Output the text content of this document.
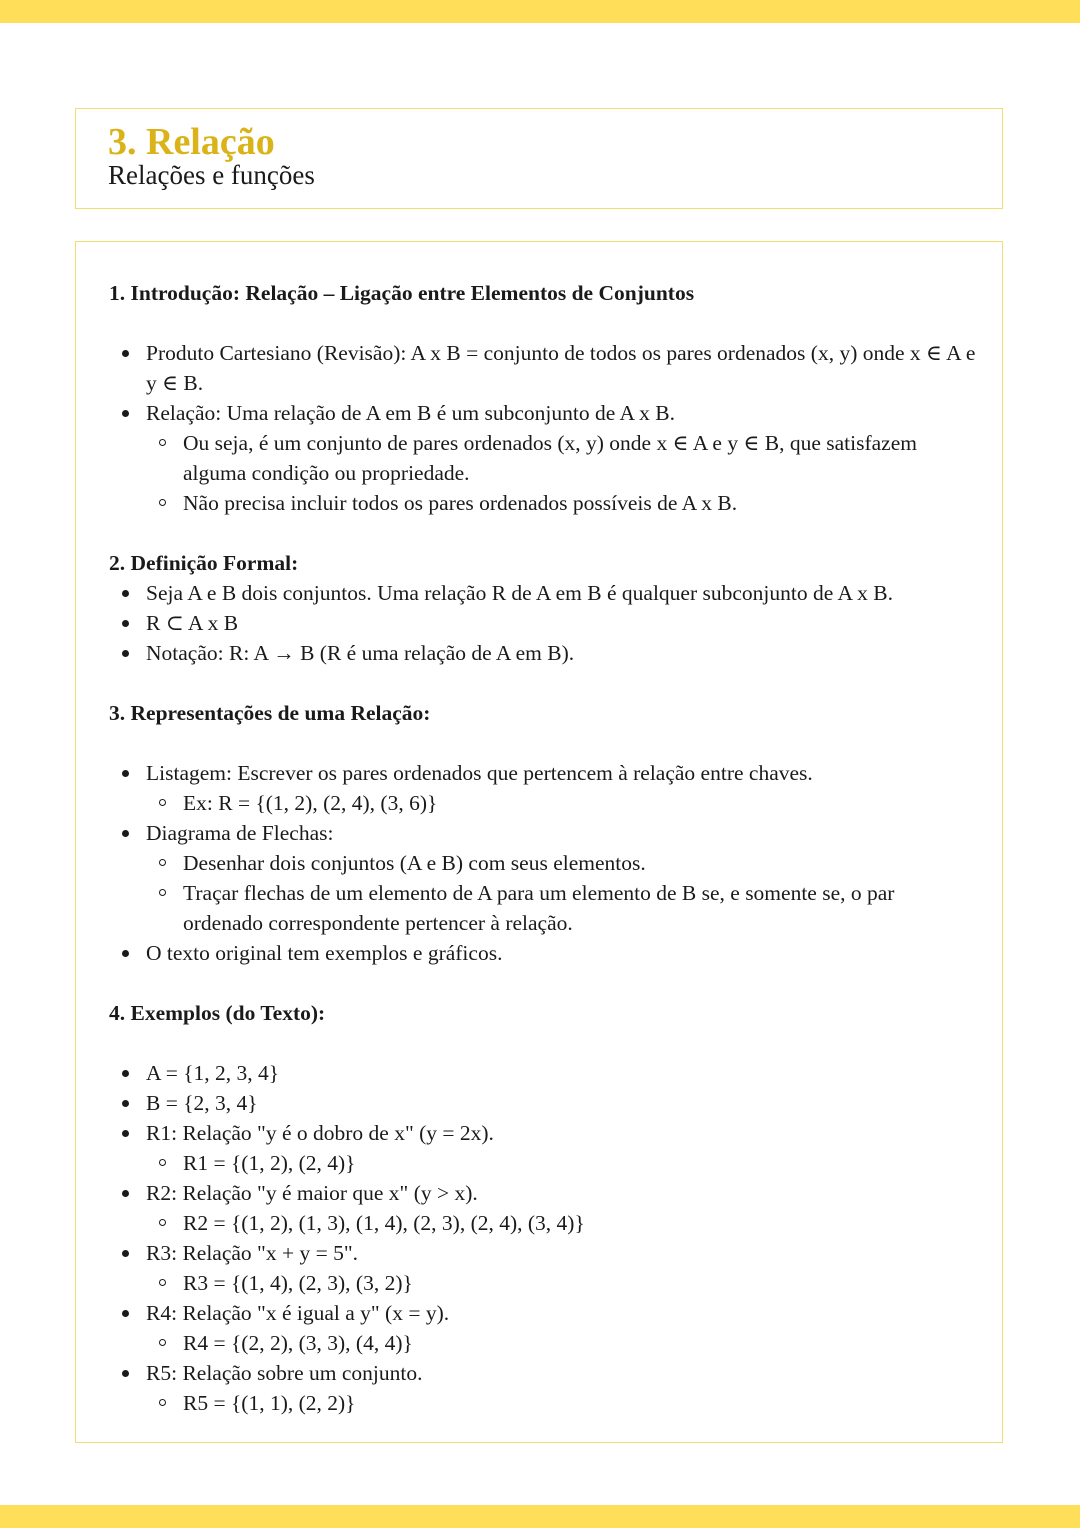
3. Relação

Relações e funções

1. Introdução: Relação – Ligação entre Elementos de Conjuntos
Produto Cartesiano (Revisão): A x B = conjunto de todos os pares ordenados (x, y) onde x ∈ A e y ∈ B.
Relação: Uma relação de A em B é um subconjunto de A x B.
Ou seja, é um conjunto de pares ordenados (x, y) onde x ∈ A e y ∈ B, que satisfazem alguma condição ou propriedade.
Não precisa incluir todos os pares ordenados possíveis de A x B.
2. Definição Formal:
Seja A e B dois conjuntos. Uma relação R de A em B é qualquer subconjunto de A x B.
R ⊂ A x B
Notação: R: A → B (R é uma relação de A em B).
3. Representações de uma Relação:
Listagem: Escrever os pares ordenados que pertencem à relação entre chaves.
Ex: R = {(1, 2), (2, 4), (3, 6)}
Diagrama de Flechas:
Desenhar dois conjuntos (A e B) com seus elementos.
Traçar flechas de um elemento de A para um elemento de B se, e somente se, o par ordenado correspondente pertencer à relação.
O texto original tem exemplos e gráficos.
4. Exemplos (do Texto):
A = {1, 2, 3, 4}
B = {2, 3, 4}
R1: Relação "y é o dobro de x" (y = 2x).
R1 = {(1, 2), (2, 4)}
R2: Relação "y é maior que x" (y > x).
R2 = {(1, 2), (1, 3), (1, 4), (2, 3), (2, 4), (3, 4)}
R3: Relação "x + y = 5".
R3 = {(1, 4), (2, 3), (3, 2)}
R4: Relação "x é igual a y" (x = y).
R4 = {(2, 2), (3, 3), (4, 4)}
R5: Relação sobre um conjunto.
R5 = {(1, 1), (2, 2)}
